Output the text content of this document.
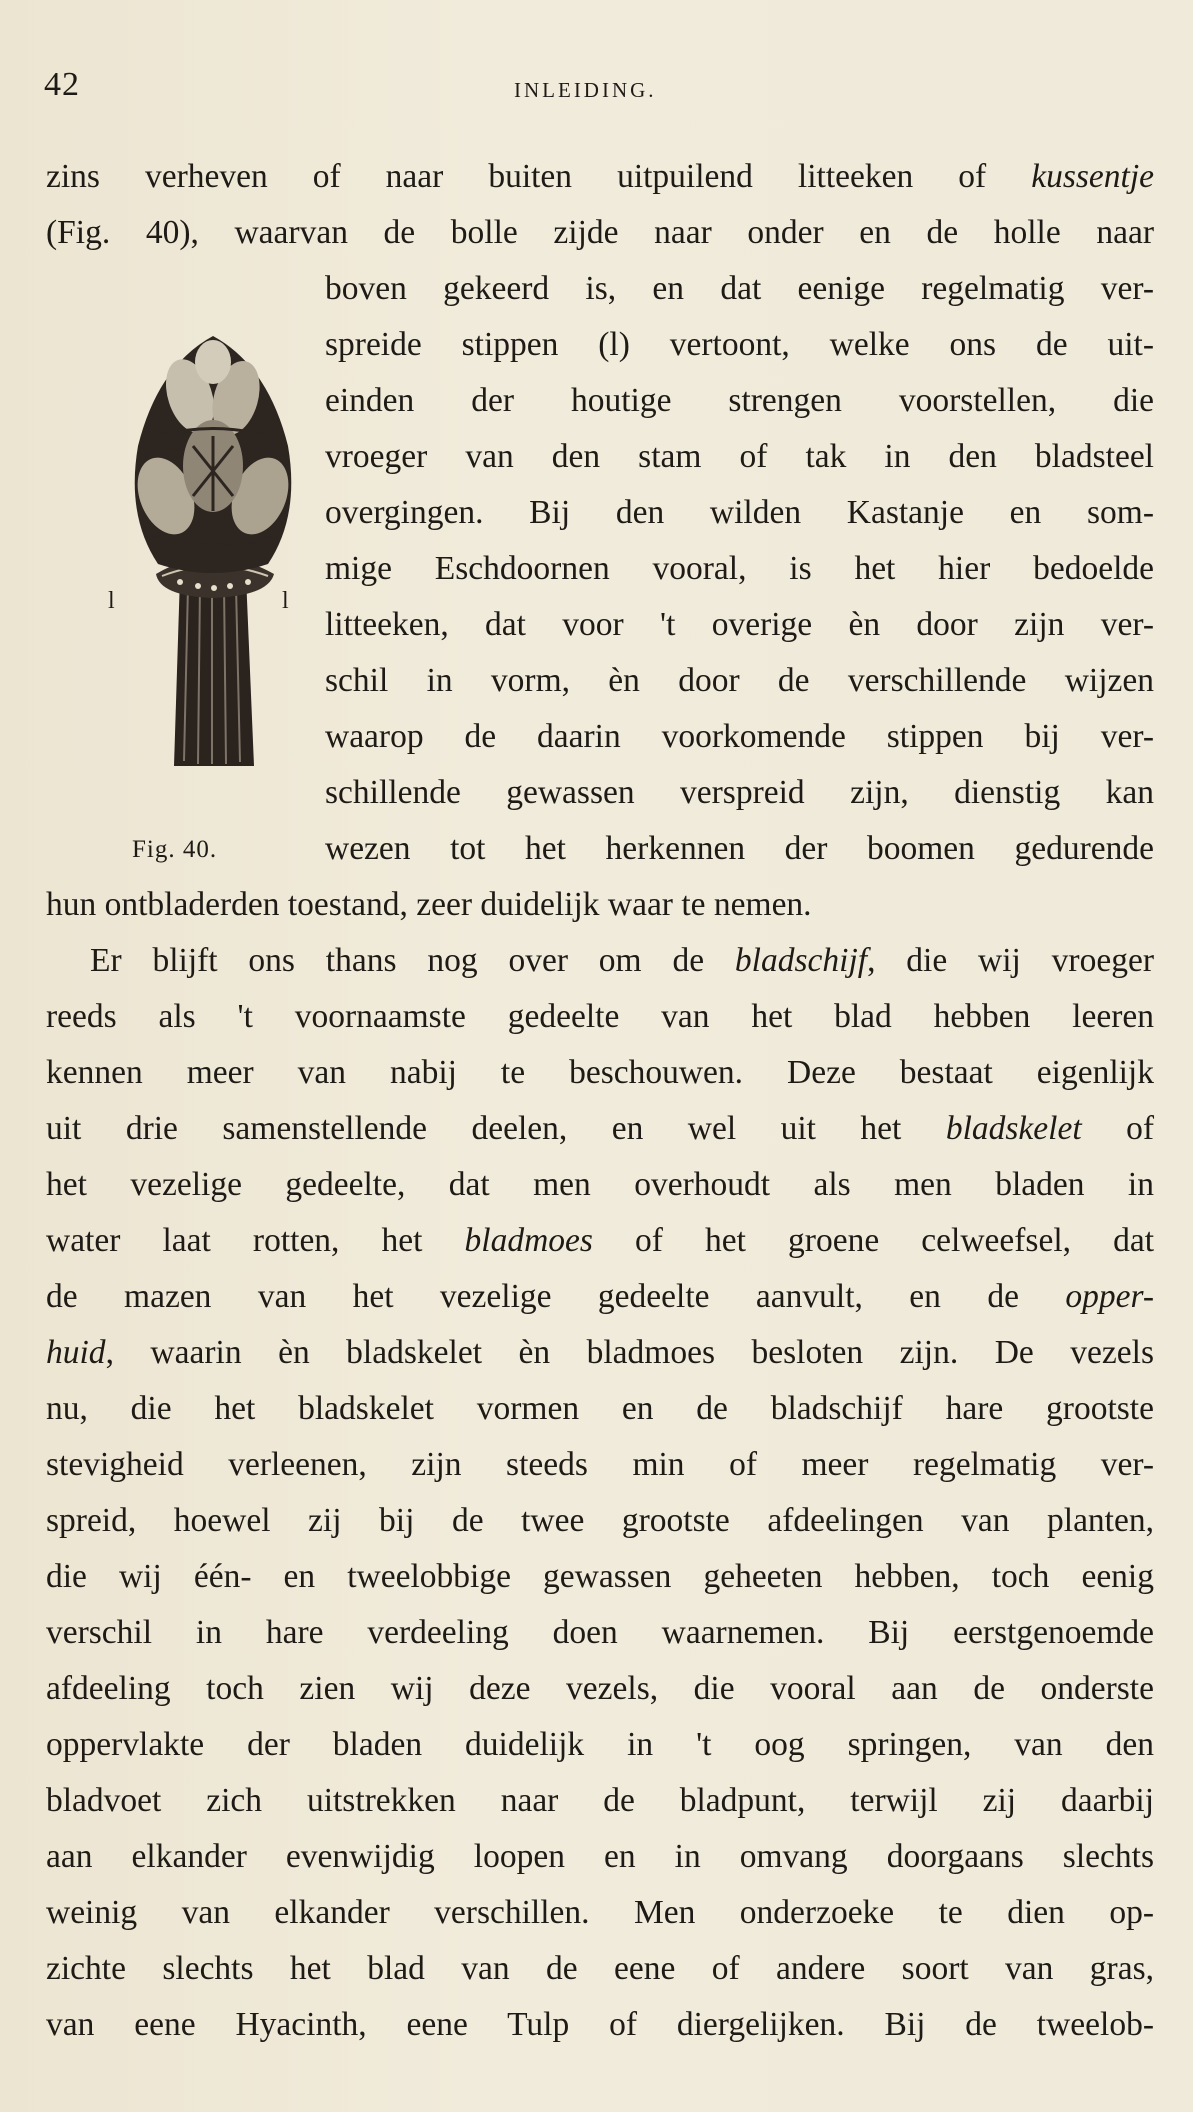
42	INLEIDING.
zins verheven of naar buiten uitpuilend litteeken of kussentje
(Fig. 40), waarvan de bolle zijde naar onder en de holle naar
boven gekeerd is, en dat eenige regelmatig ver-
spreide stippen (l) vertoont, welke ons de uit-
einden der houtige strengen voorstellen, die
vroeger van den stam of tak in den bladsteel
overgingen. Bij den wilden Kastanje en som-
mige Eschdoornen vooral, is het hier bedoelde
litteeken, dat voor 't overige èn door zijn ver-
schil in vorm, èn door de verschillende wijzen
waarop de daarin voorkomende stippen bij ver-
schillende gewassen verspreid zijn, dienstig kan
wezen tot het herkennen der boomen gedurende
hun ontbladerden toestand, zeer duidelijk waar te nemen.
Er blijft ons thans nog over om de bladschijf, die wij vroeger
reeds als 't voornaamste gedeelte van het blad hebben leeren
kennen meer van nabij te beschouwen. Deze bestaat eigenlijk
uit drie samenstellende deelen, en wel uit het bladskelet of
het vezelige gedeelte, dat men overhoudt als men bladen in
water laat rotten, het bladmoes of het groene celweefsel, dat
de mazen van het vezelige gedeelte aanvult, en de opper-
huid, waarin èn bladskelet èn bladmoes besloten zijn. De vezels
nu, die het bladskelet vormen en de bladschijf hare grootste
stevigheid verleenen, zijn steeds min of meer regelmatig ver-
spreid, hoewel zij bij de twee grootste afdeelingen van planten,
die wij één- en tweelobbige gewassen geheeten hebben, toch eenig
verschil in hare verdeeling doen waarnemen. Bij eerstgenoemde
afdeeling toch zien wij deze vezels, die vooral aan de onderste
oppervlakte der bladen duidelijk in 't oog springen, van den
bladvoet zich uitstrekken naar de bladpunt, terwijl zij daarbij
aan elkander evenwijdig loopen en in omvang doorgaans slechts
weinig van elkander verschillen. Men onderzoeke te dien op-
zichte slechts het blad van de eene of andere soort van gras,
van eene Hyacinth, eene Tulp of diergelijken. Bij de tweelob-
l	l
Fig. 40.
